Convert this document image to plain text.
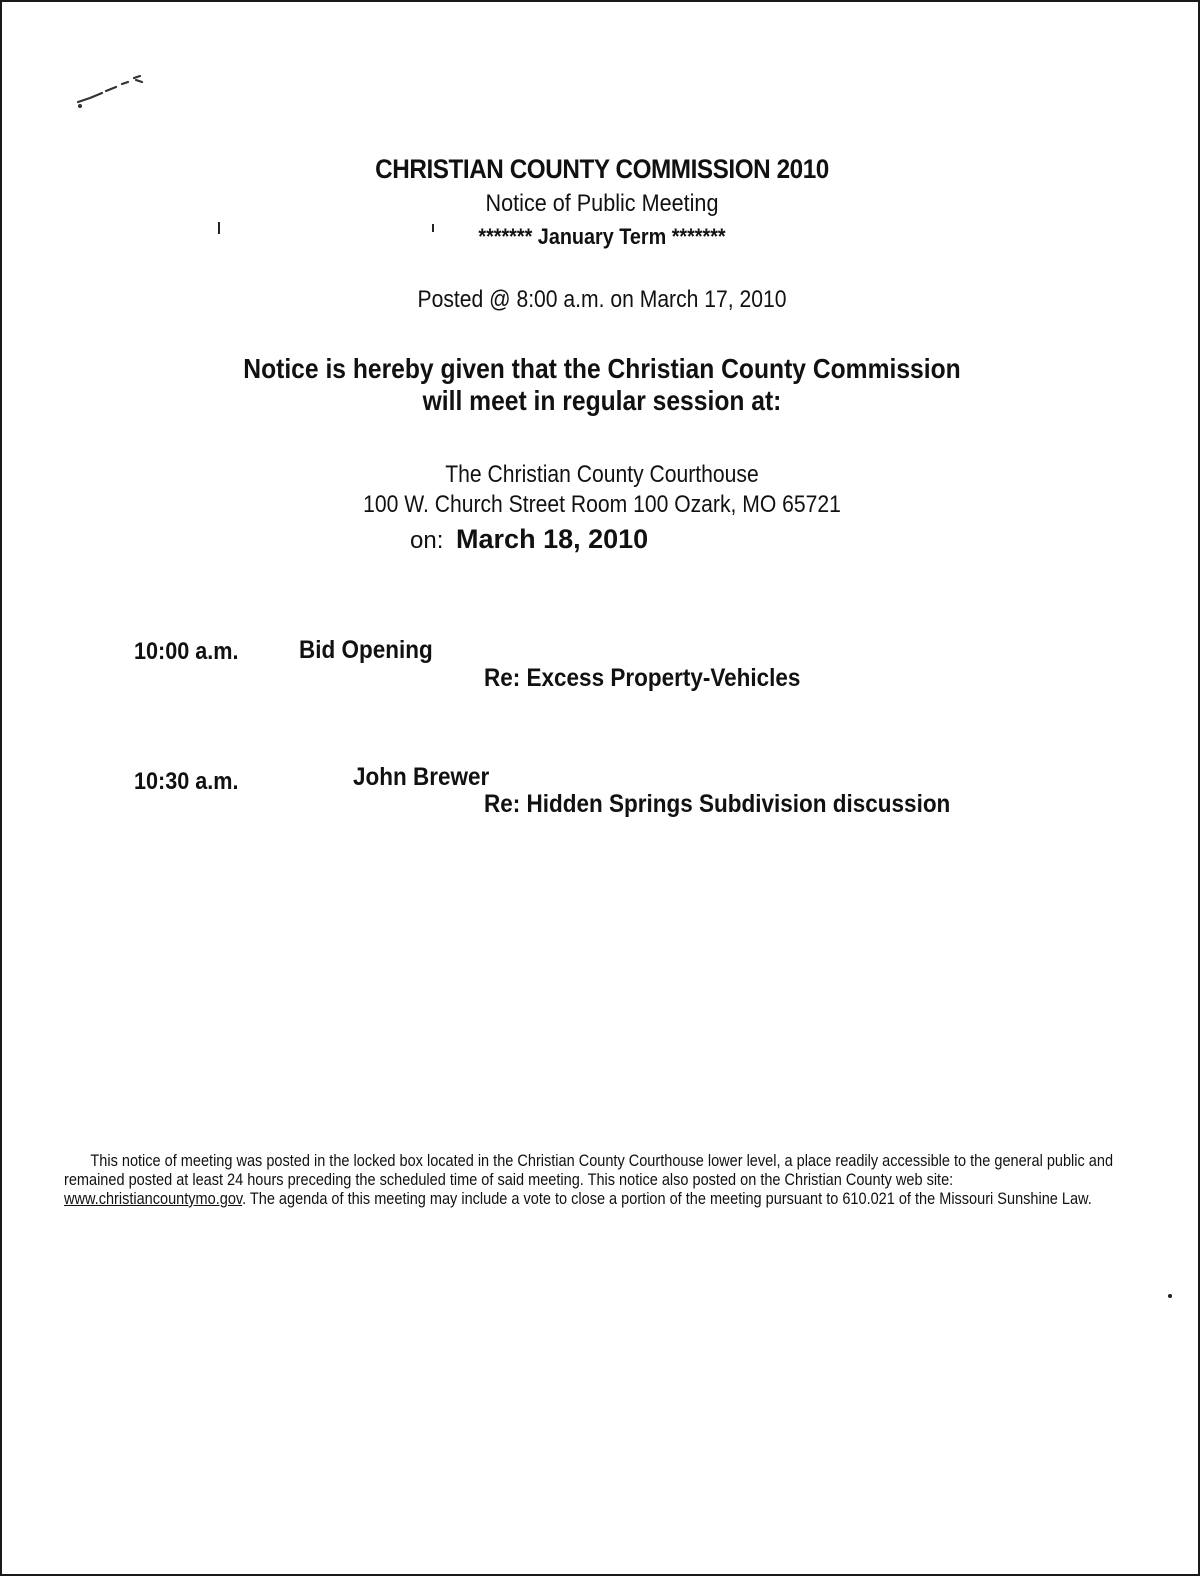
CHRISTIAN COUNTY COMMISSION 2010
Notice of Public Meeting
******* January Term *******
Posted @ 8:00 a.m. on March 17, 2010
Notice is hereby given that the Christian County Commission
will meet in regular session at:
The Christian County Courthouse
100 W. Church Street Room 100 Ozark, MO 65721
on: March 18, 2010
10:00 a.m. Bid Opening
Re: Excess Property-Vehicles
10:30 a.m.	John Brewer
Re: Hidden Springs Subdivision discussion

This notice of meeting was posted in the locked box located in the Christian County Courthouse lower level, a place readily accessible to the general public and remained posted at least 24 hours preceding the scheduled time of said meeting. This notice also posted on the Christian County web site: www.christiancountymo.gov. The agenda of this meeting may include a vote to close a portion of the meeting pursuant to 610.021 of the Missouri Sunshine Law.
